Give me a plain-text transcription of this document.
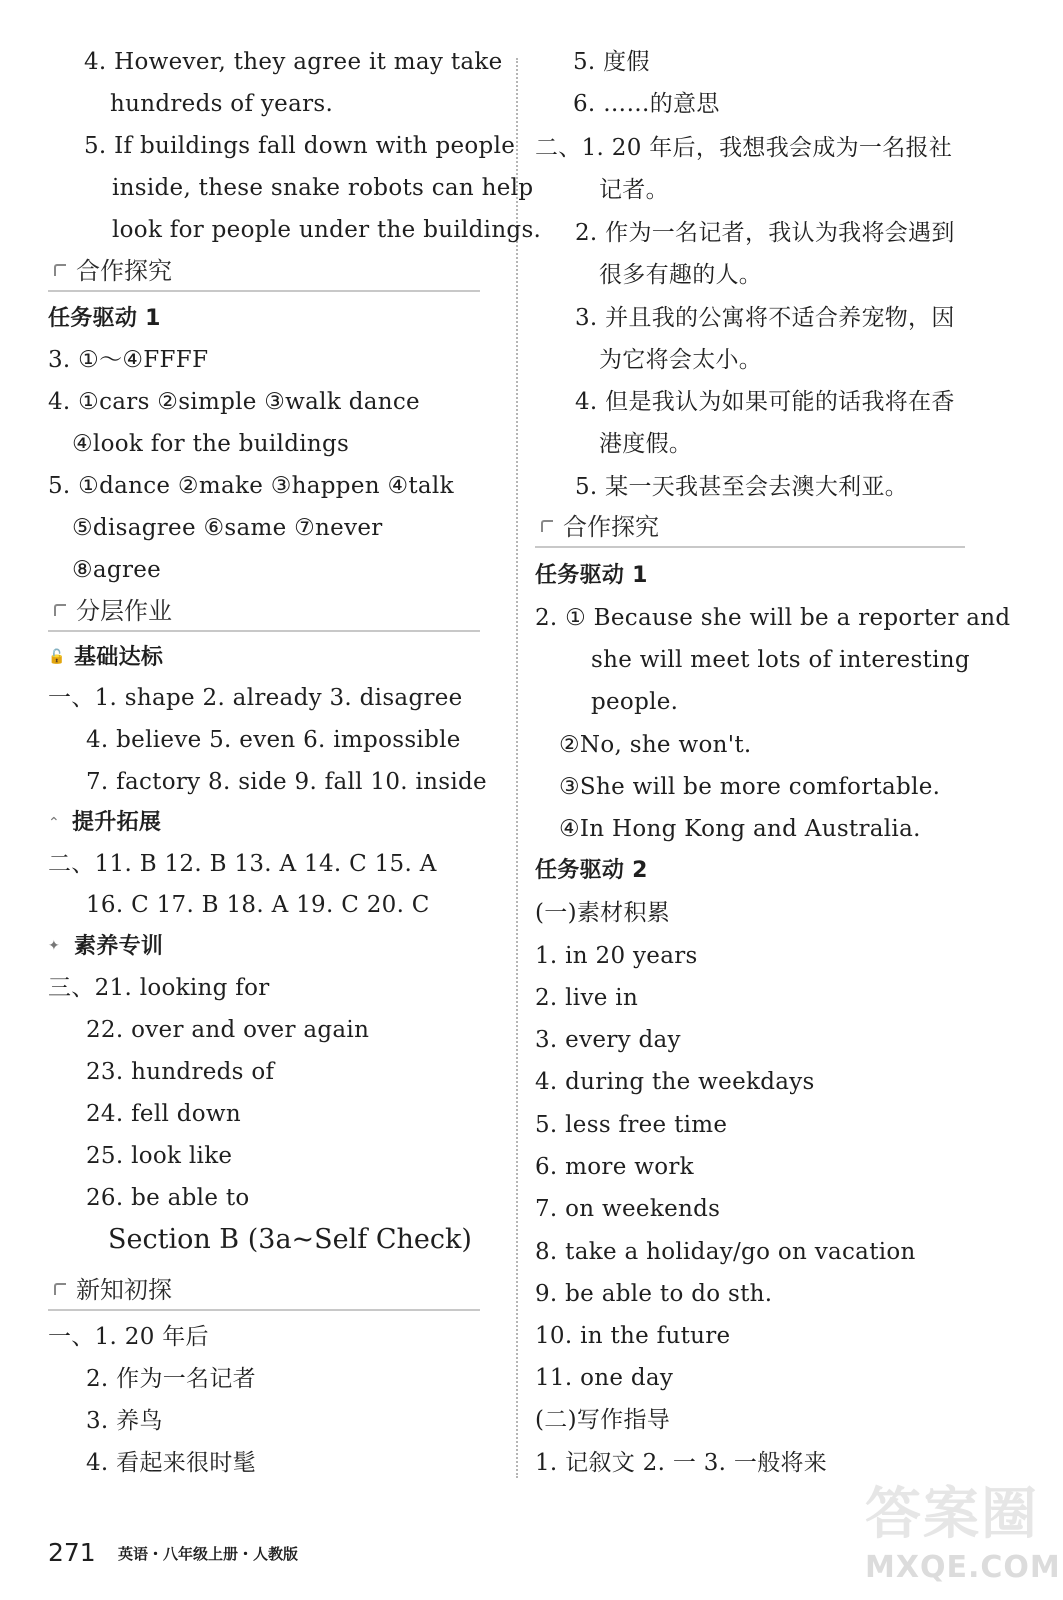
4. However, they agree it may take
hundreds of years.
5. If buildings fall down with people
inside, these snake robots can help
look for people under the buildings.
合作探究
任务驱动 1
3. ①～④FFFF
4. ①cars ②simple ③walk dance
④look for the buildings
5. ①dance ②make ③happen ④talk
⑤disagree ⑥same ⑦never
⑧agree
分层作业
🔓 基础达标
一、1. shape 2. already 3. disagree
4. believe 5. even 6. impossible
7. factory 8. side 9. fall 10. inside
⌃ 提升拓展
二、11. B 12. B 13. A 14. C 15. A
16. C 17. B 18. A 19. C 20. C
✦ 素养专训
三、21. looking for
22. over and over again
23. hundreds of
24. fell down
25. look like
26. be able to
Section B (3a~Self Check)
新知初探
一、1. 20 年后
2. 作为一名记者
3. 养鸟
4. 看起来很时髦
5. 度假
6. ……的意思
二、1. 20 年后，我想我会成为一名报社
记者。
2. 作为一名记者，我认为我将会遇到
很多有趣的人。
3. 并且我的公寓将不适合养宠物，因
为它将会太小。
4. 但是我认为如果可能的话我将在香
港度假。
5. 某一天我甚至会去澳大利亚。
合作探究
任务驱动 1
2. ① Because she will be a reporter and
she will meet lots of interesting
people.
②No, she won't.
③She will be more comfortable.
④In Hong Kong and Australia.
任务驱动 2
(一)素材积累
1. in 20 years
2. live in
3. every day
4. during the weekdays
5. less free time
6. more work
7. on weekends
8. take a holiday/go on vacation
9. be able to do sth.
10. in the future
11. one day
(二)写作指导
1. 记叙文 2. 一 3. 一般将来
271 英语・八年级上册・人教版
答案圈
MXQE.COM
